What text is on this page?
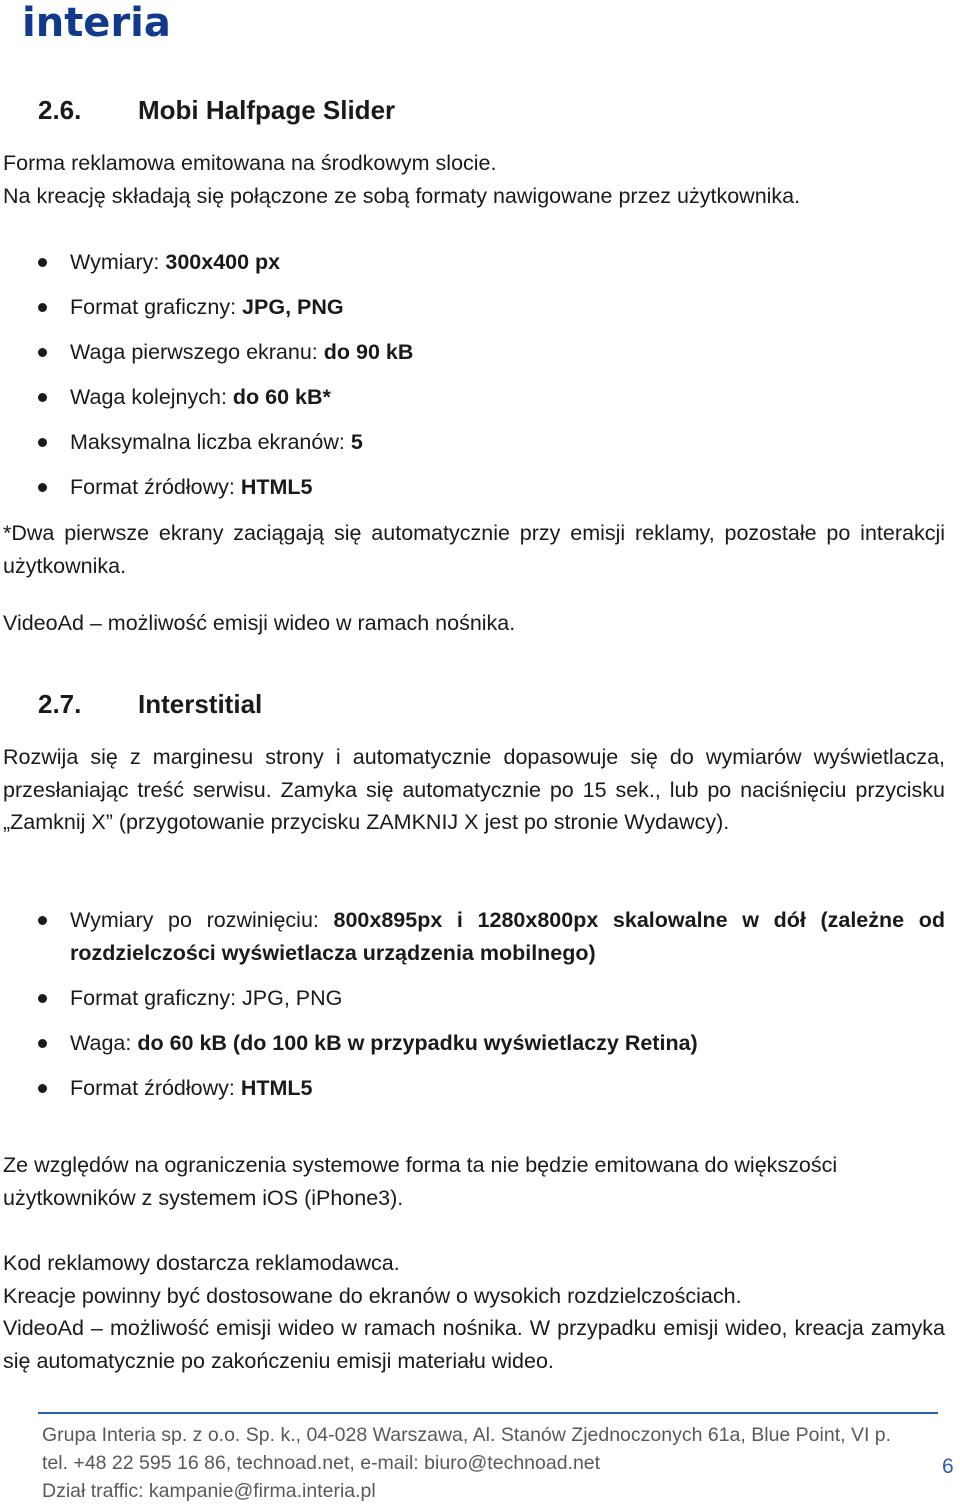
interia
2.6. Mobi Halfpage Slider

Forma reklamowa emitowana na środkowym slocie.

Na kreację składają się połączone ze sobą formaty nawigowane przez użytkownika.

Wymiary: 300x400 px
Format graficzny: JPG, PNG
Waga pierwszego ekranu: do 90 kB
Waga kolejnych: do 60 kB*
Maksymalna liczba ekranów: 5
Format źródłowy: HTML5

*Dwa pierwsze ekrany zaciągają się automatycznie przy emisji reklamy, pozostałe po interakcji użytkownika.

VideoAd – możliwość emisji wideo w ramach nośnika.

2.7. Interstitial

Rozwija się z marginesu strony i automatycznie dopasowuje się do wymiarów wyświetlacza, przesłaniając treść serwisu. Zamyka się automatycznie po 15 sek., lub po naciśnięciu przycisku „Zamknij X” (przygotowanie przycisku ZAMKNIJ X jest po stronie Wydawcy).

Wymiary po rozwinięciu: 800x895px i 1280x800px skalowalne w dół (zależne od rozdzielczości wyświetlacza urządzenia mobilnego)
Format graficzny: JPG, PNG
Waga: do 60 kB (do 100 kB w przypadku wyświetlaczy Retina)
Format źródłowy: HTML5

Ze względów na ograniczenia systemowe forma ta nie będzie emitowana do większości użytkowników z systemem iOS (iPhone3).

Kod reklamowy dostarcza reklamodawca.

Kreacje powinny być dostosowane do ekranów o wysokich rozdzielczościach.

VideoAd – możliwość emisji wideo w ramach nośnika. W przypadku emisji wideo, kreacja zamyka się automatycznie po zakończeniu emisji materiału wideo.

Grupa Interia sp. z o.o. Sp. k., 04-028 Warszawa, Al. Stanów Zjednoczonych 61a, Blue Point, VI p.
tel. +48 22 595 16 86, technoad.net, e-mail: biuro@technoad.net
Dział traffic: kampanie@firma.interia.pl
6
